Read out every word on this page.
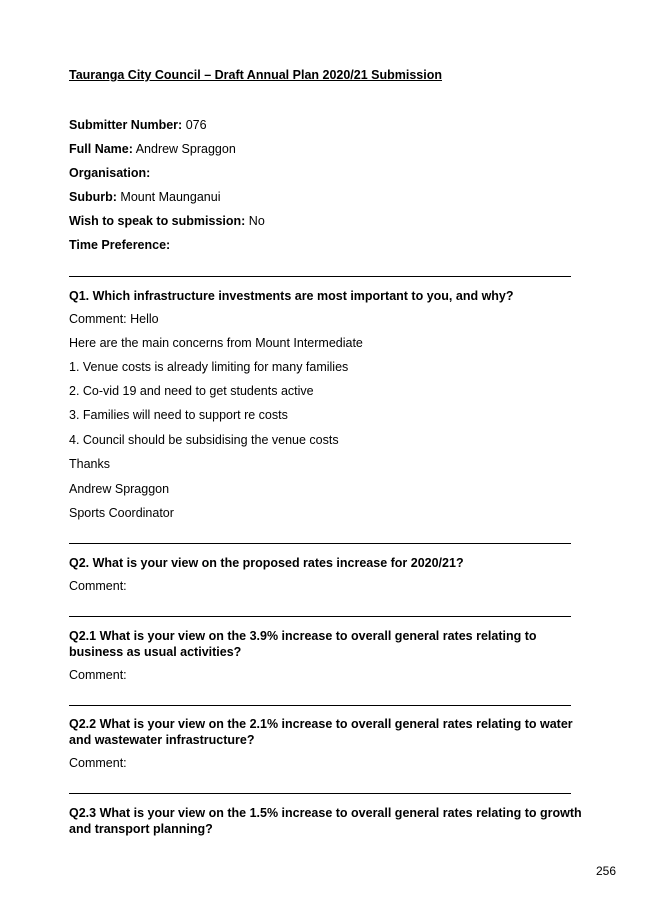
Tauranga City Council – Draft Annual Plan 2020/21 Submission
Submitter Number: 076
Full Name: Andrew Spraggon
Organisation:
Suburb: Mount Maunganui
Wish to speak to submission: No
Time Preference:
Q1. Which infrastructure investments are most important to you, and why?
Comment: Hello
Here are the main concerns from Mount Intermediate
1. Venue costs is already limiting for many families
2. Co-vid 19 and need to get students active
3. Families will need to support re costs
4. Council should be subsidising the venue costs
Thanks
Andrew Spraggon
Sports Coordinator
Q2. What is your view on the proposed rates increase for 2020/21?
Comment:
Q2.1 What is your view on the 3.9% increase to overall general rates relating to business as usual activities?
Comment:
Q2.2 What is your view on the 2.1% increase to overall general rates relating to water and wastewater infrastructure?
Comment:
Q2.3 What is your view on the 1.5% increase to overall general rates relating to growth and transport planning?
256
